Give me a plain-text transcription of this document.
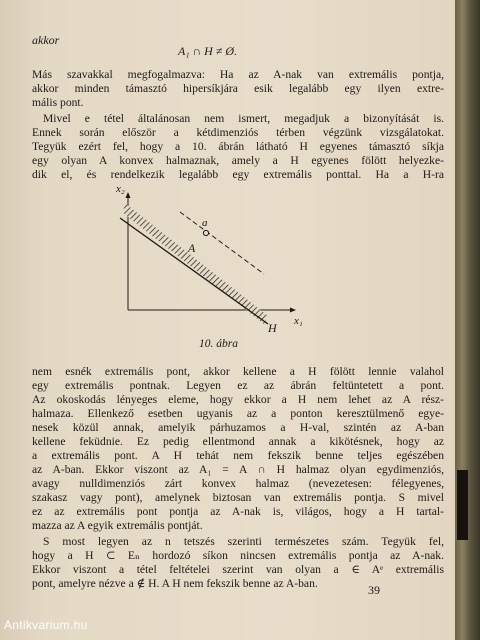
akkor
A₁ ∩ H ≠ Ø.
Más szavakkal megfogalmazva: Ha az A-nak van extremális pontja,
akkor minden támasztó hipersíkjára esik legalább egy ilyen extre-
mális pont.
Mivel e tétel általánosan nem ismert, megadjuk a bizonyítását is.
Ennek során először a kétdimenziós térben végzünk vizsgálatokat.
Tegyük ezért fel, hogy a 10. ábrán látható H egyenes támasztó síkja
egy olyan A konvex halmaznak, amely a H egyenes fölött helyezke-
dik el, és rendelkezik legalább egy extremális ponttal. Ha a H-ra
x₂
x₁
A
a
H
10. ábra
nem esnék extremális pont, akkor kellene a H fölött lennie valahol
egy extremális pontnak. Legyen ez az ábrán feltüntetett a pont.
Az okoskodás lényeges eleme, hogy ekkor a H nem lehet az A rész-
halmaza. Ellenkező esetben ugyanis az a ponton keresztülmenő egye-
nesek közül annak, amelyik párhuzamos a H-val, szintén az A-ban
kellene feküdnie. Ez pedig ellentmond annak a kikötésnek, hogy az
a extremális pont. A H tehát nem fekszik benne teljes egészében
az A-ban. Ekkor viszont az A₁ = A ∩ H halmaz olyan egydimenziós,
avagy nulldimenziós zárt konvex halmaz (nevezetesen: félegyenes,
szakasz vagy pont), amelynek biztosan van extremális pontja. S mivel
ez az extremális pont pontja az A-nak is, világos, hogy a H tartal-
mazza az A egyik extremális pontját.
S most legyen az n tetszés szerinti természetes szám. Tegyük fel,
hogy a H ⊂ Eₙ hordozó síkon nincsen extremális pontja az A-nak.
Ekkor viszont a tétel feltételei szerint van olyan a ∈ Aᵉ extremális
pont, amelyre nézve a ∉ H. A H nem fekszik benne az A-ban.	39
Antikvarium.hu
